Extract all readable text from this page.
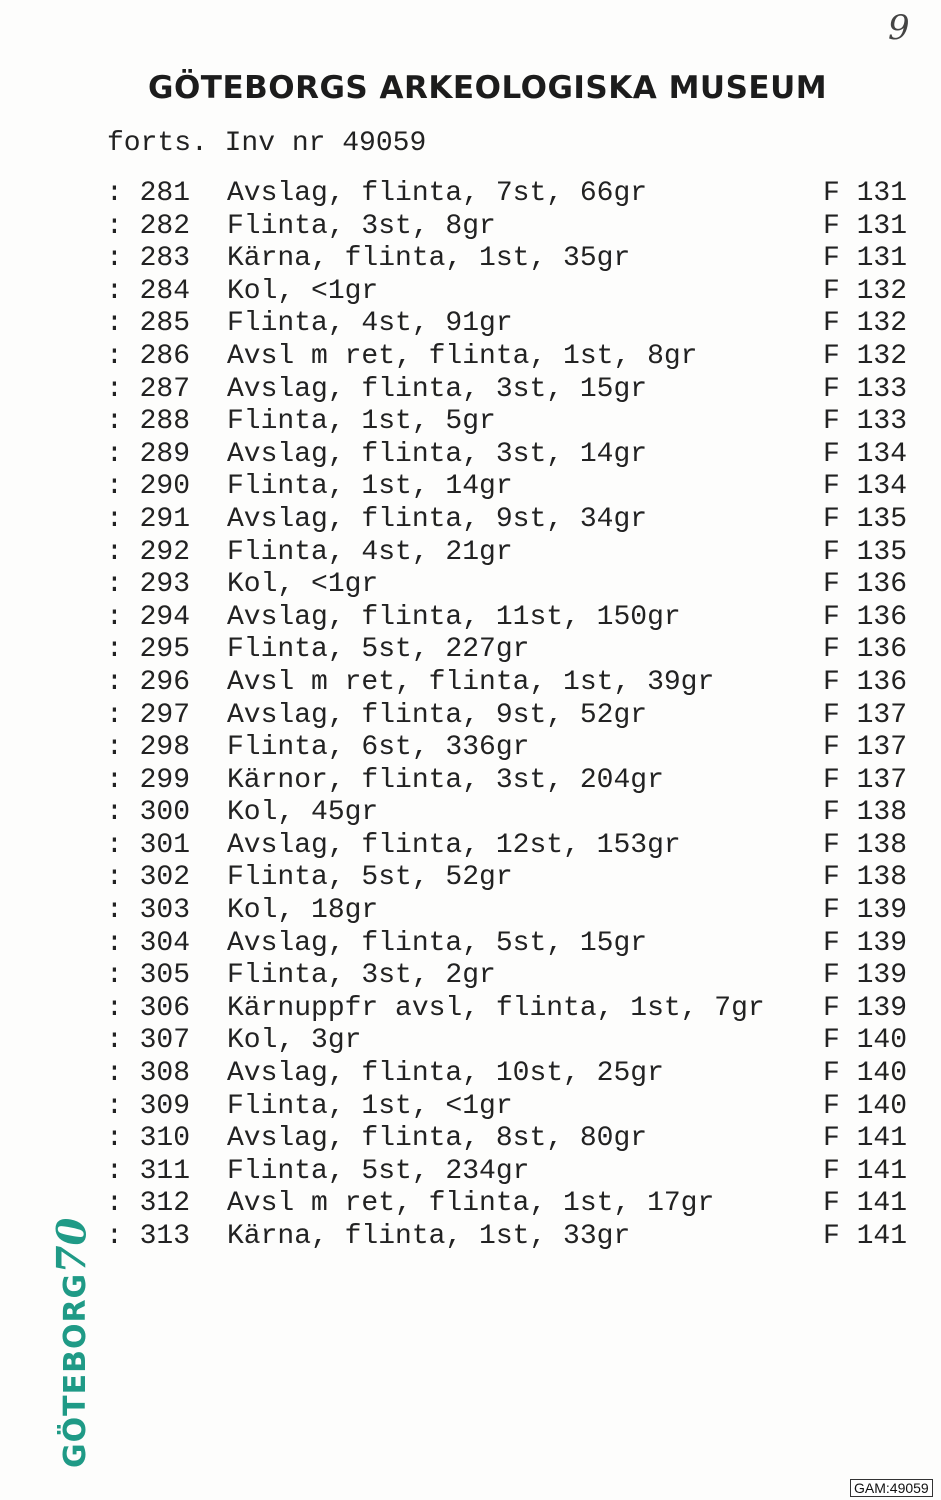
9
GÖTEBORGS ARKEOLOGISKA MUSEUM
forts. Inv nr 49059
: 281 Avslag, flinta, 7st, 66gr	F 131
: 282 Flinta, 3st, 8gr	F 131
: 283 Kärna, flinta, 1st, 35gr	F 131
: 284 Kol, <1gr	F 132
: 285 Flinta, 4st, 91gr	F 132
: 286 Avsl m ret, flinta, 1st, 8gr	F 132
: 287 Avslag, flinta, 3st, 15gr	F 133
: 288 Flinta, 1st, 5gr	F 133
: 289 Avslag, flinta, 3st, 14gr	F 134
: 290 Flinta, 1st, 14gr	F 134
: 291 Avslag, flinta, 9st, 34gr	F 135
: 292 Flinta, 4st, 21gr	F 135
: 293 Kol, <1gr	F 136
: 294 Avslag, flinta, 11st, 150gr	F 136
: 295 Flinta, 5st, 227gr	F 136
: 296 Avsl m ret, flinta, 1st, 39gr	F 136
: 297 Avslag, flinta, 9st, 52gr	F 137
: 298 Flinta, 6st, 336gr	F 137
: 299 Kärnor, flinta, 3st, 204gr	F 137
: 300 Kol, 45gr	F 138
: 301 Avslag, flinta, 12st, 153gr	F 138
: 302 Flinta, 5st, 52gr	F 138
: 303 Kol, 18gr	F 139
: 304 Avslag, flinta, 5st, 15gr	F 139
: 305 Flinta, 3st, 2gr	F 139
: 306 Kärnuppfr avsl, flinta, 1st, 7gr F 139
: 307 Kol, 3gr	F 140
: 308 Avslag, flinta, 10st, 25gr	F 140
: 309 Flinta, 1st, <1gr	F 140
: 310 Avslag, flinta, 8st, 80gr	F 141
: 311 Flinta, 5st, 234gr	F 141
: 312 Avsl m ret, flinta, 1st, 17gr	F 141
: 313 Kärna, flinta, 1st, 33gr	F 141
GÖTEBORG
70
GAM:49059
